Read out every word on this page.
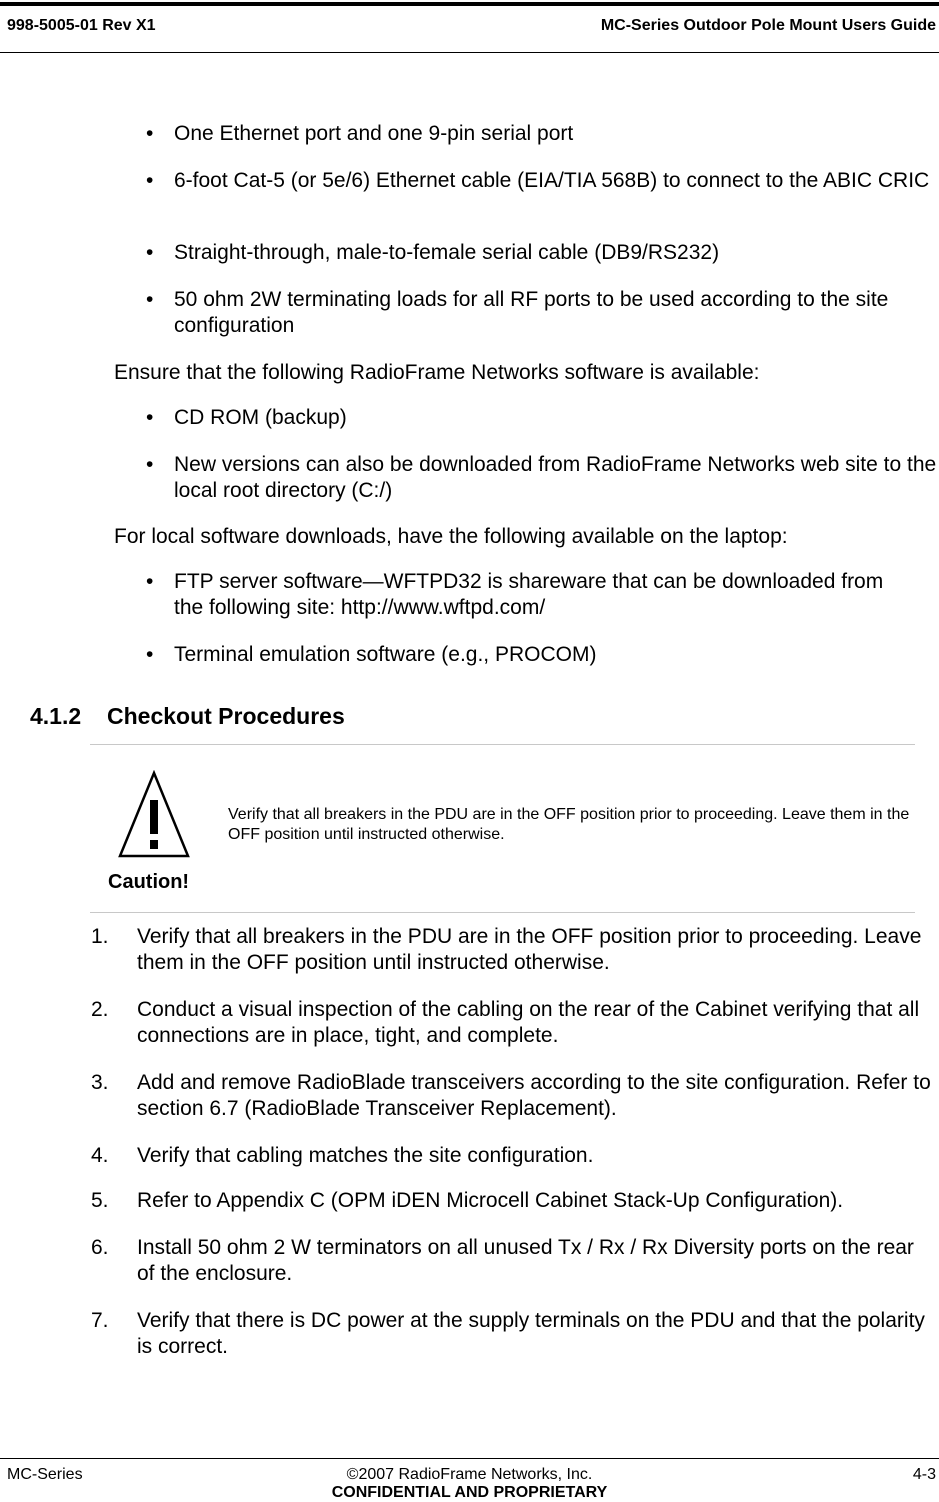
998-5005-01 Rev X1	MC-Series Outdoor Pole Mount Users Guide
• One Ethernet port and one 9-pin serial port
• 6-foot Cat-5 (or 5e/6) Ethernet cable (EIA/TIA 568B) to connect to the ABIC CRIC
• Straight-through, male-to-female serial cable (DB9/RS232)
• 50 ohm 2W terminating loads for all RF ports to be used according to the site configuration
Ensure that the following RadioFrame Networks software is available:
• CD ROM (backup)
• New versions can also be downloaded from RadioFrame Networks web site to the local root directory (C:/)
For local software downloads, have the following available on the laptop:
• FTP server software—WFTPD32 is shareware that can be downloaded from the following site: http://www.wftpd.com/
• Terminal emulation software (e.g., PROCOM)
4.1.2 Checkout Procedures
Verify that all breakers in the PDU are in the OFF position prior to proceeding. Leave them in the OFF position until instructed otherwise.
Caution!
1. Verify that all breakers in the PDU are in the OFF position prior to proceeding. Leave them in the OFF position until instructed otherwise.
2. Conduct a visual inspection of the cabling on the rear of the Cabinet verifying that all connections are in place, tight, and complete.
3. Add and remove RadioBlade transceivers according to the site configuration. Refer to section 6.7 (RadioBlade Transceiver Replacement).
4. Verify that cabling matches the site configuration.
5. Refer to Appendix C (OPM iDEN Microcell Cabinet Stack-Up Configuration).
6. Install 50 ohm 2 W terminators on all unused Tx / Rx / Rx Diversity ports on the rear of the enclosure.
7. Verify that there is DC power at the supply terminals on the PDU and that the polarity is correct.
MC-Series	©2007 RadioFrame Networks, Inc.
CONFIDENTIAL AND PROPRIETARY
4-3
